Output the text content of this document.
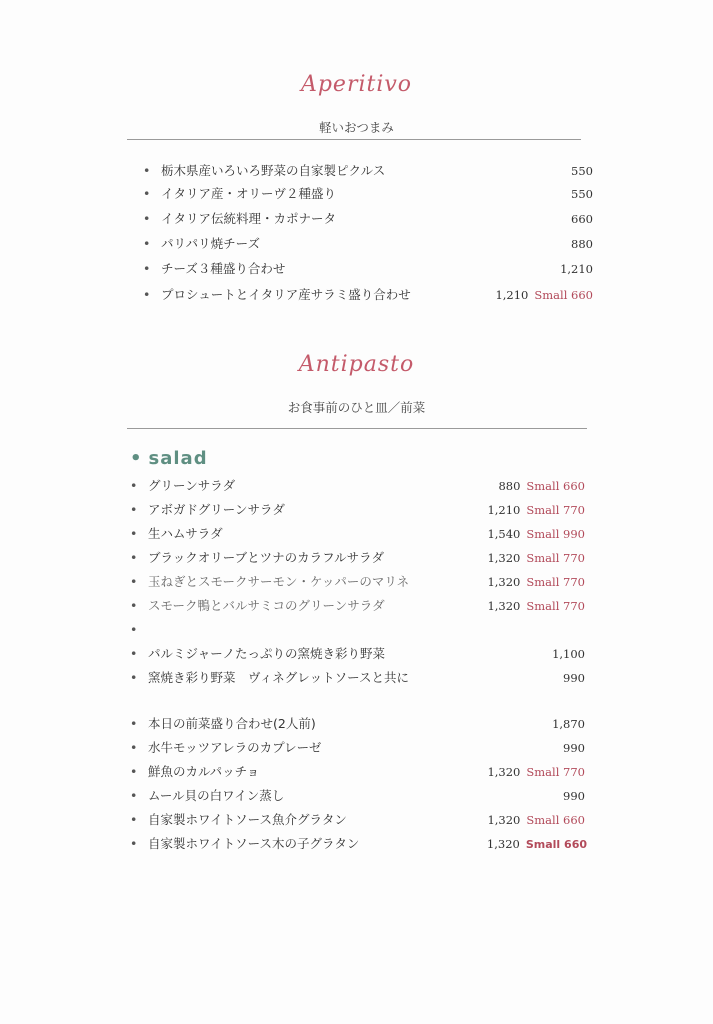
Aperitivo
軽いおつまみ
• 栃木県産いろいろ野菜の自家製ピクルス	550
• イタリア産・オリーヴ２種盛り	550
• イタリア伝統料理・カポナータ	660
• パリパリ焼チーズ	880
• チーズ３種盛り合わせ	1,210
• プロシュートとイタリア産サラミ盛り合わせ	1,210 Small 660
Antipasto
お食事前のひと皿／前菜
• salad
• グリーンサラダ	880 Small 660
• アボガドグリーンサラダ	1,210 Small 770
• 生ハムサラダ	1,540 Small 990
• ブラックオリーブとツナのカラフルサラダ	1,320 Small 770
• 玉ねぎとスモークサーモン・ケッパーのマリネ	1,320 Small 770
• スモーク鴨とバルサミコのグリーンサラダ	1,320 Small 770
•
• パルミジャーノたっぷりの窯焼き彩り野菜	1,100
• 窯焼き彩り野菜　ヴィネグレットソースと共に	990
• 本日の前菜盛り合わせ(2人前)	1,870
• 水牛モッツアレラのカプレーゼ	990
• 鮮魚のカルパッチョ	1,320 Small 770
• ムール貝の白ワイン蒸し	990
• 自家製ホワイトソース魚介グラタン	1,320 Small 660
• 自家製ホワイトソース木の子グラタン	1,320 Small 660
